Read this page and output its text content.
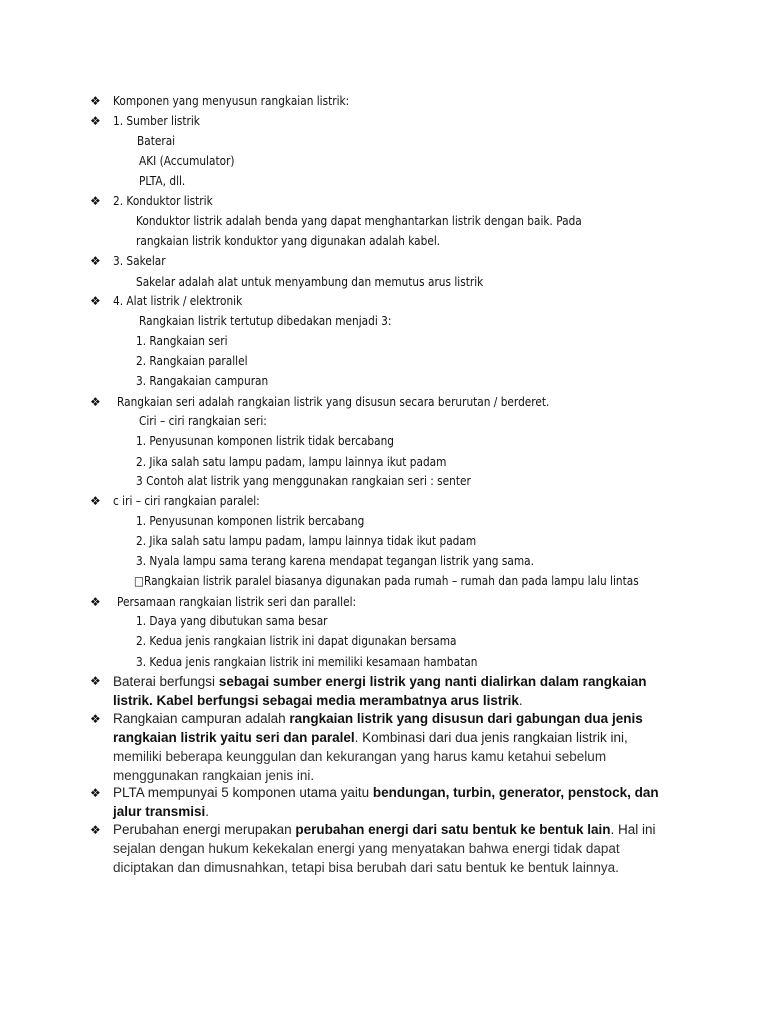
❖ Komponen yang menyusun rangkaian listrik:
❖ 1. Sumber listrik
Baterai
AKI (Accumulator)
PLTA, dll.
❖ 2. Konduktor listrik
Konduktor listrik adalah benda yang dapat menghantarkan listrik dengan baik. Pada
rangkaian listrik konduktor yang digunakan adalah kabel.
❖ 3. Sakelar
Sakelar adalah alat untuk menyambung dan memutus arus listrik
❖ 4. Alat listrik / elektronik
Rangkaian listrik tertutup dibedakan menjadi 3:
1. Rangkaian seri
2. Rangkaian parallel
3. Rangakaian campuran
❖ Rangkaian seri adalah rangkaian listrik yang disusun secara berurutan / berderet.
Ciri – ciri rangkaian seri:
1. Penyusunan komponen listrik tidak bercabang
2. Jika salah satu lampu padam, lampu lainnya ikut padam
3 Contoh alat listrik yang menggunakan rangkaian seri : senter
❖ c iri – ciri rangkaian paralel:
1. Penyusunan komponen listrik bercabang
2. Jika salah satu lampu padam, lampu lainnya tidak ikut padam
3. Nyala lampu sama terang karena mendapat tegangan listrik yang sama.
□Rangkaian listrik paralel biasanya digunakan pada rumah – rumah dan pada lampu lalu lintas
❖ Persamaan rangkaian listrik seri dan parallel:
1. Daya yang dibutukan sama besar
2. Kedua jenis rangkaian listrik ini dapat digunakan bersama
3. Kedua jenis rangkaian listrik ini memiliki kesamaan hambatan
❖ Baterai berfungsi sebagai sumber energi listrik yang nanti dialirkan dalam rangkaian
listrik. Kabel berfungsi sebagai media merambatnya arus listrik.
❖ Rangkaian campuran adalah rangkaian listrik yang disusun dari gabungan dua jenis
rangkaian listrik yaitu seri dan paralel. Kombinasi dari dua jenis rangkaian listrik ini,
memiliki beberapa keunggulan dan kekurangan yang harus kamu ketahui sebelum
menggunakan rangkaian jenis ini.
❖ PLTA mempunyai 5 komponen utama yaitu bendungan, turbin, generator, penstock, dan
jalur transmisi.
❖ Perubahan energi merupakan perubahan energi dari satu bentuk ke bentuk lain. Hal ini
sejalan dengan hukum kekekalan energi yang menyatakan bahwa energi tidak dapat
diciptakan dan dimusnahkan, tetapi bisa berubah dari satu bentuk ke bentuk lainnya.
